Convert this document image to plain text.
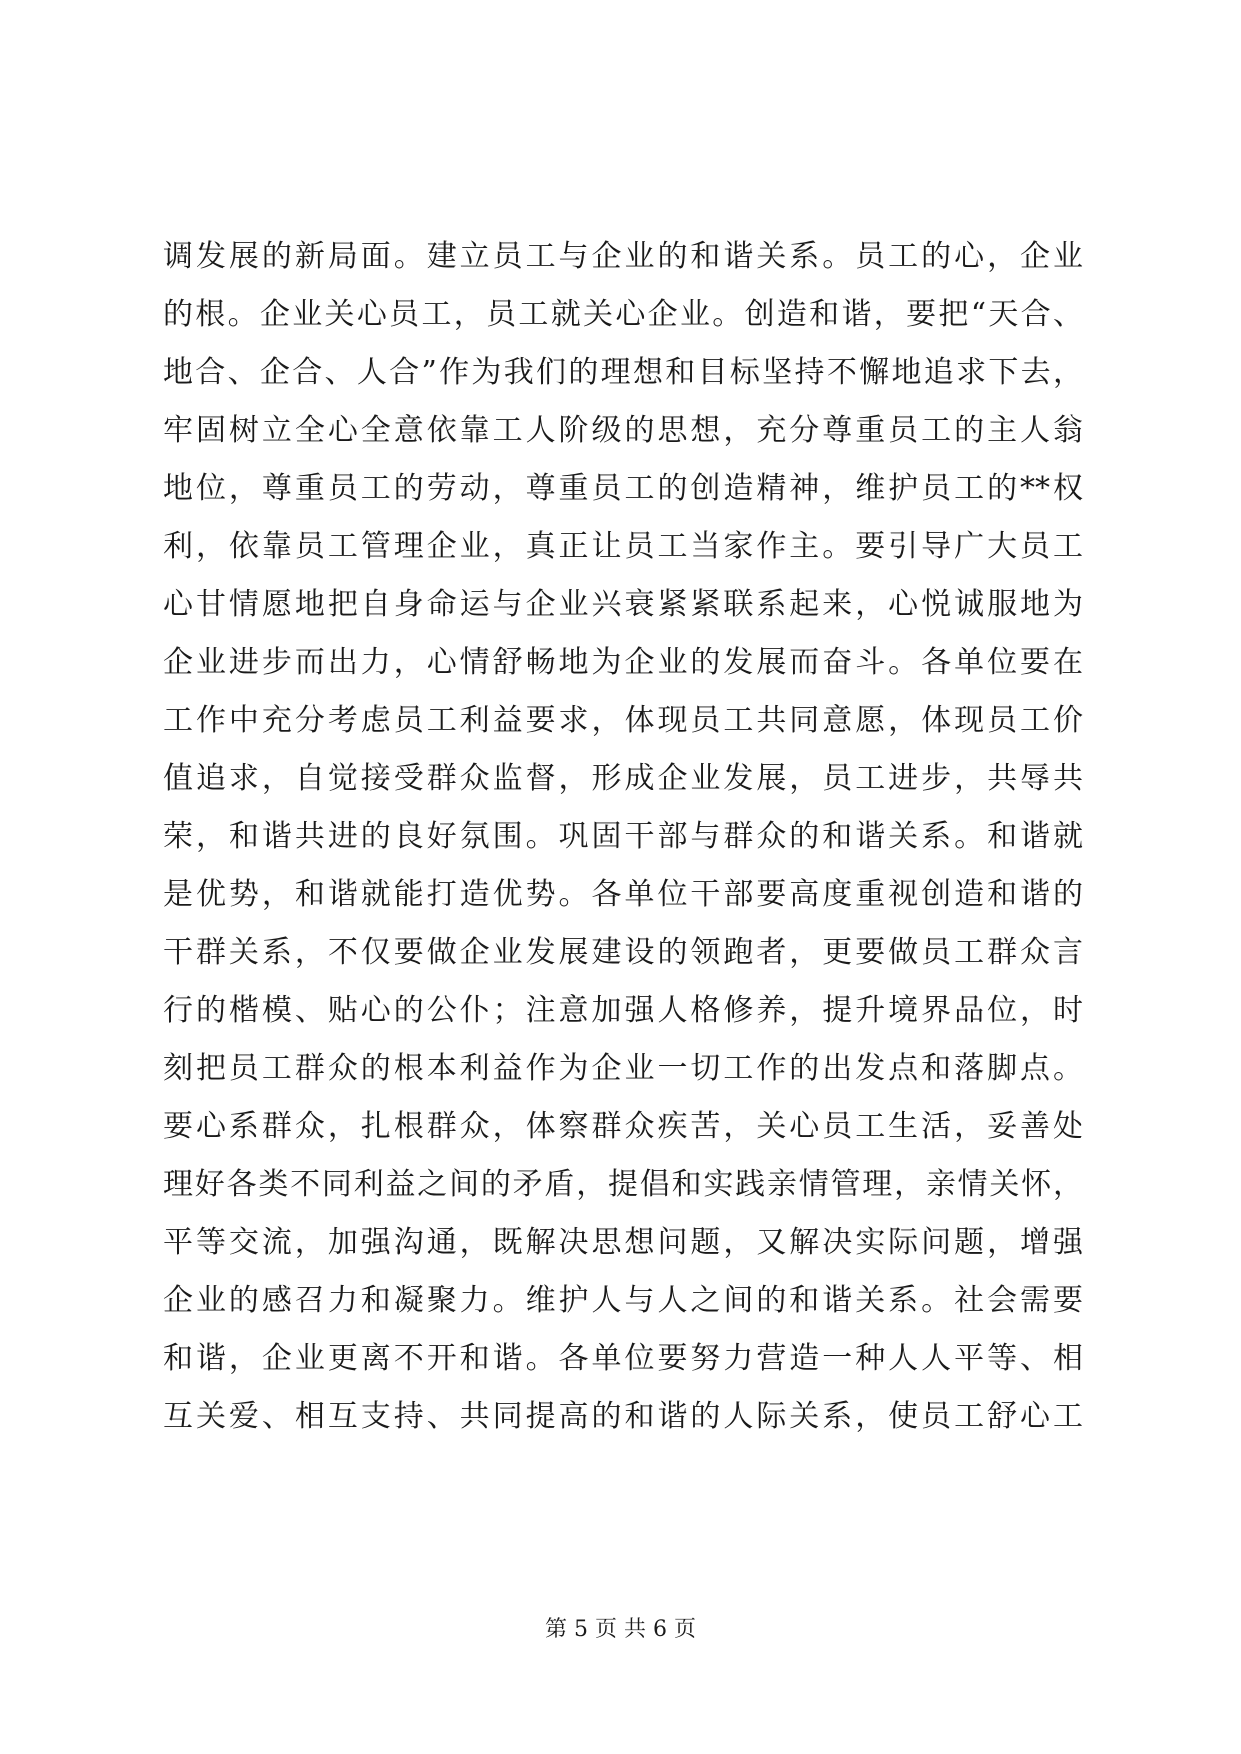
调发展的新局面。建立员工与企业的和谐关系。员工的心，企业
的根。企业关心员工，员工就关心企业。创造和谐，要把“天合、
地合、企合、人合”作为我们的理想和目标坚持不懈地追求下去，
牢固树立全心全意依靠工人阶级的思想，充分尊重员工的主人翁
地位，尊重员工的劳动，尊重员工的创造精神，维护员工的**权
利，依靠员工管理企业，真正让员工当家作主。要引导广大员工
心甘情愿地把自身命运与企业兴衰紧紧联系起来，心悦诚服地为
企业进步而出力，心情舒畅地为企业的发展而奋斗。各单位要在
工作中充分考虑员工利益要求，体现员工共同意愿，体现员工价
值追求，自觉接受群众监督，形成企业发展，员工进步，共辱共
荣，和谐共进的良好氛围。巩固干部与群众的和谐关系。和谐就
是优势，和谐就能打造优势。各单位干部要高度重视创造和谐的
干群关系，不仅要做企业发展建设的领跑者，更要做员工群众言
行的楷模、贴心的公仆；注意加强人格修养，提升境界品位，时
刻把员工群众的根本利益作为企业一切工作的出发点和落脚点。
要心系群众，扎根群众，体察群众疾苦，关心员工生活，妥善处
理好各类不同利益之间的矛盾，提倡和实践亲情管理，亲情关怀，
平等交流，加强沟通，既解决思想问题，又解决实际问题，增强
企业的感召力和凝聚力。维护人与人之间的和谐关系。社会需要
和谐，企业更离不开和谐。各单位要努力营造一种人人平等、相
互关爱、相互支持、共同提高的和谐的人际关系，使员工舒心工
第 5 页 共 6 页
